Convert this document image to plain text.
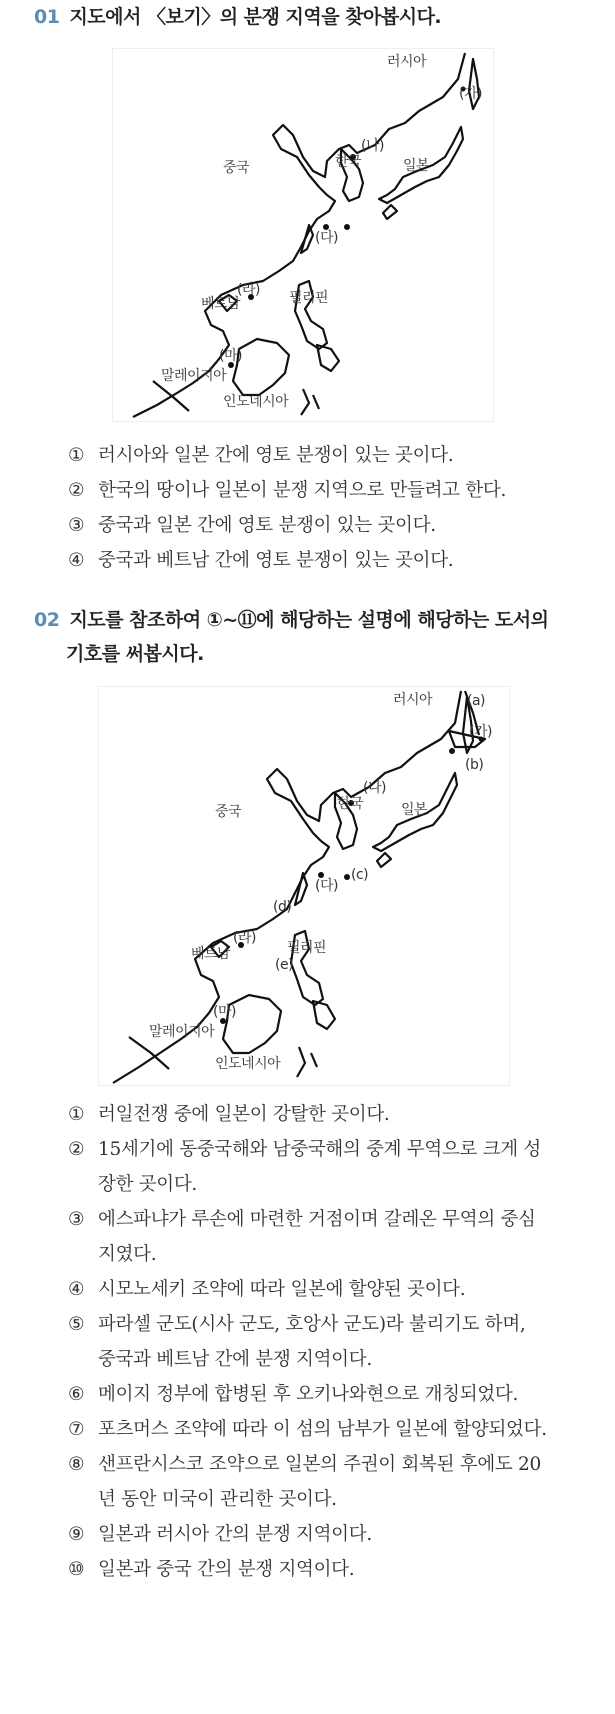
01 지도에서 〈보기〉의 분쟁 지역을 찾아봅시다.
러시아
(가)
중국	한국
(나)
일본
(다)
(라)
베트남	필리핀
(마)
말레이지아
인도네시아
① 러시아와 일본 간에 영토 분쟁이 있는 곳이다.
② 한국의 땅이나 일본이 분쟁 지역으로 만들려고 한다.
③ 중국과 일본 간에 영토 분쟁이 있는 곳이다.
④ 중국과 베트남 간에 영토 분쟁이 있는 곳이다.
02 지도를 참조하여 ①~⑪에 해당하는 설명에 해당하는 도서의
기호를 써봅시다.
러시아 (a)
(가)
(b)
중국	한국
(나)
일본
(c)
(다)
(d)
(라)
베트남	필리핀
(e)
(마)
말레이지아
인도네시아
① 러일전쟁 중에 일본이 강탈한 곳이다.
② 15세기에 동중국해와 남중국해의 중계 무역으로 크게 성
장한 곳이다.
③ 에스파냐가 루손에 마련한 거점이며 갈레온 무역의 중심
지였다.
④ 시모노세키 조약에 따라 일본에 할양된 곳이다.
⑤ 파라셀 군도(시사 군도, 호앙사 군도)라 불리기도 하며,
중국과 베트남 간에 분쟁 지역이다.
⑥ 메이지 정부에 합병된 후 오키나와현으로 개칭되었다.
⑦ 포츠머스 조약에 따라 이 섬의 남부가 일본에 할양되었다.
⑧ 샌프란시스코 조약으로 일본의 주권이 회복된 후에도 20
년 동안 미국이 관리한 곳이다.
⑨ 일본과 러시아 간의 분쟁 지역이다.
⑩ 일본과 중국 간의 분쟁 지역이다.
